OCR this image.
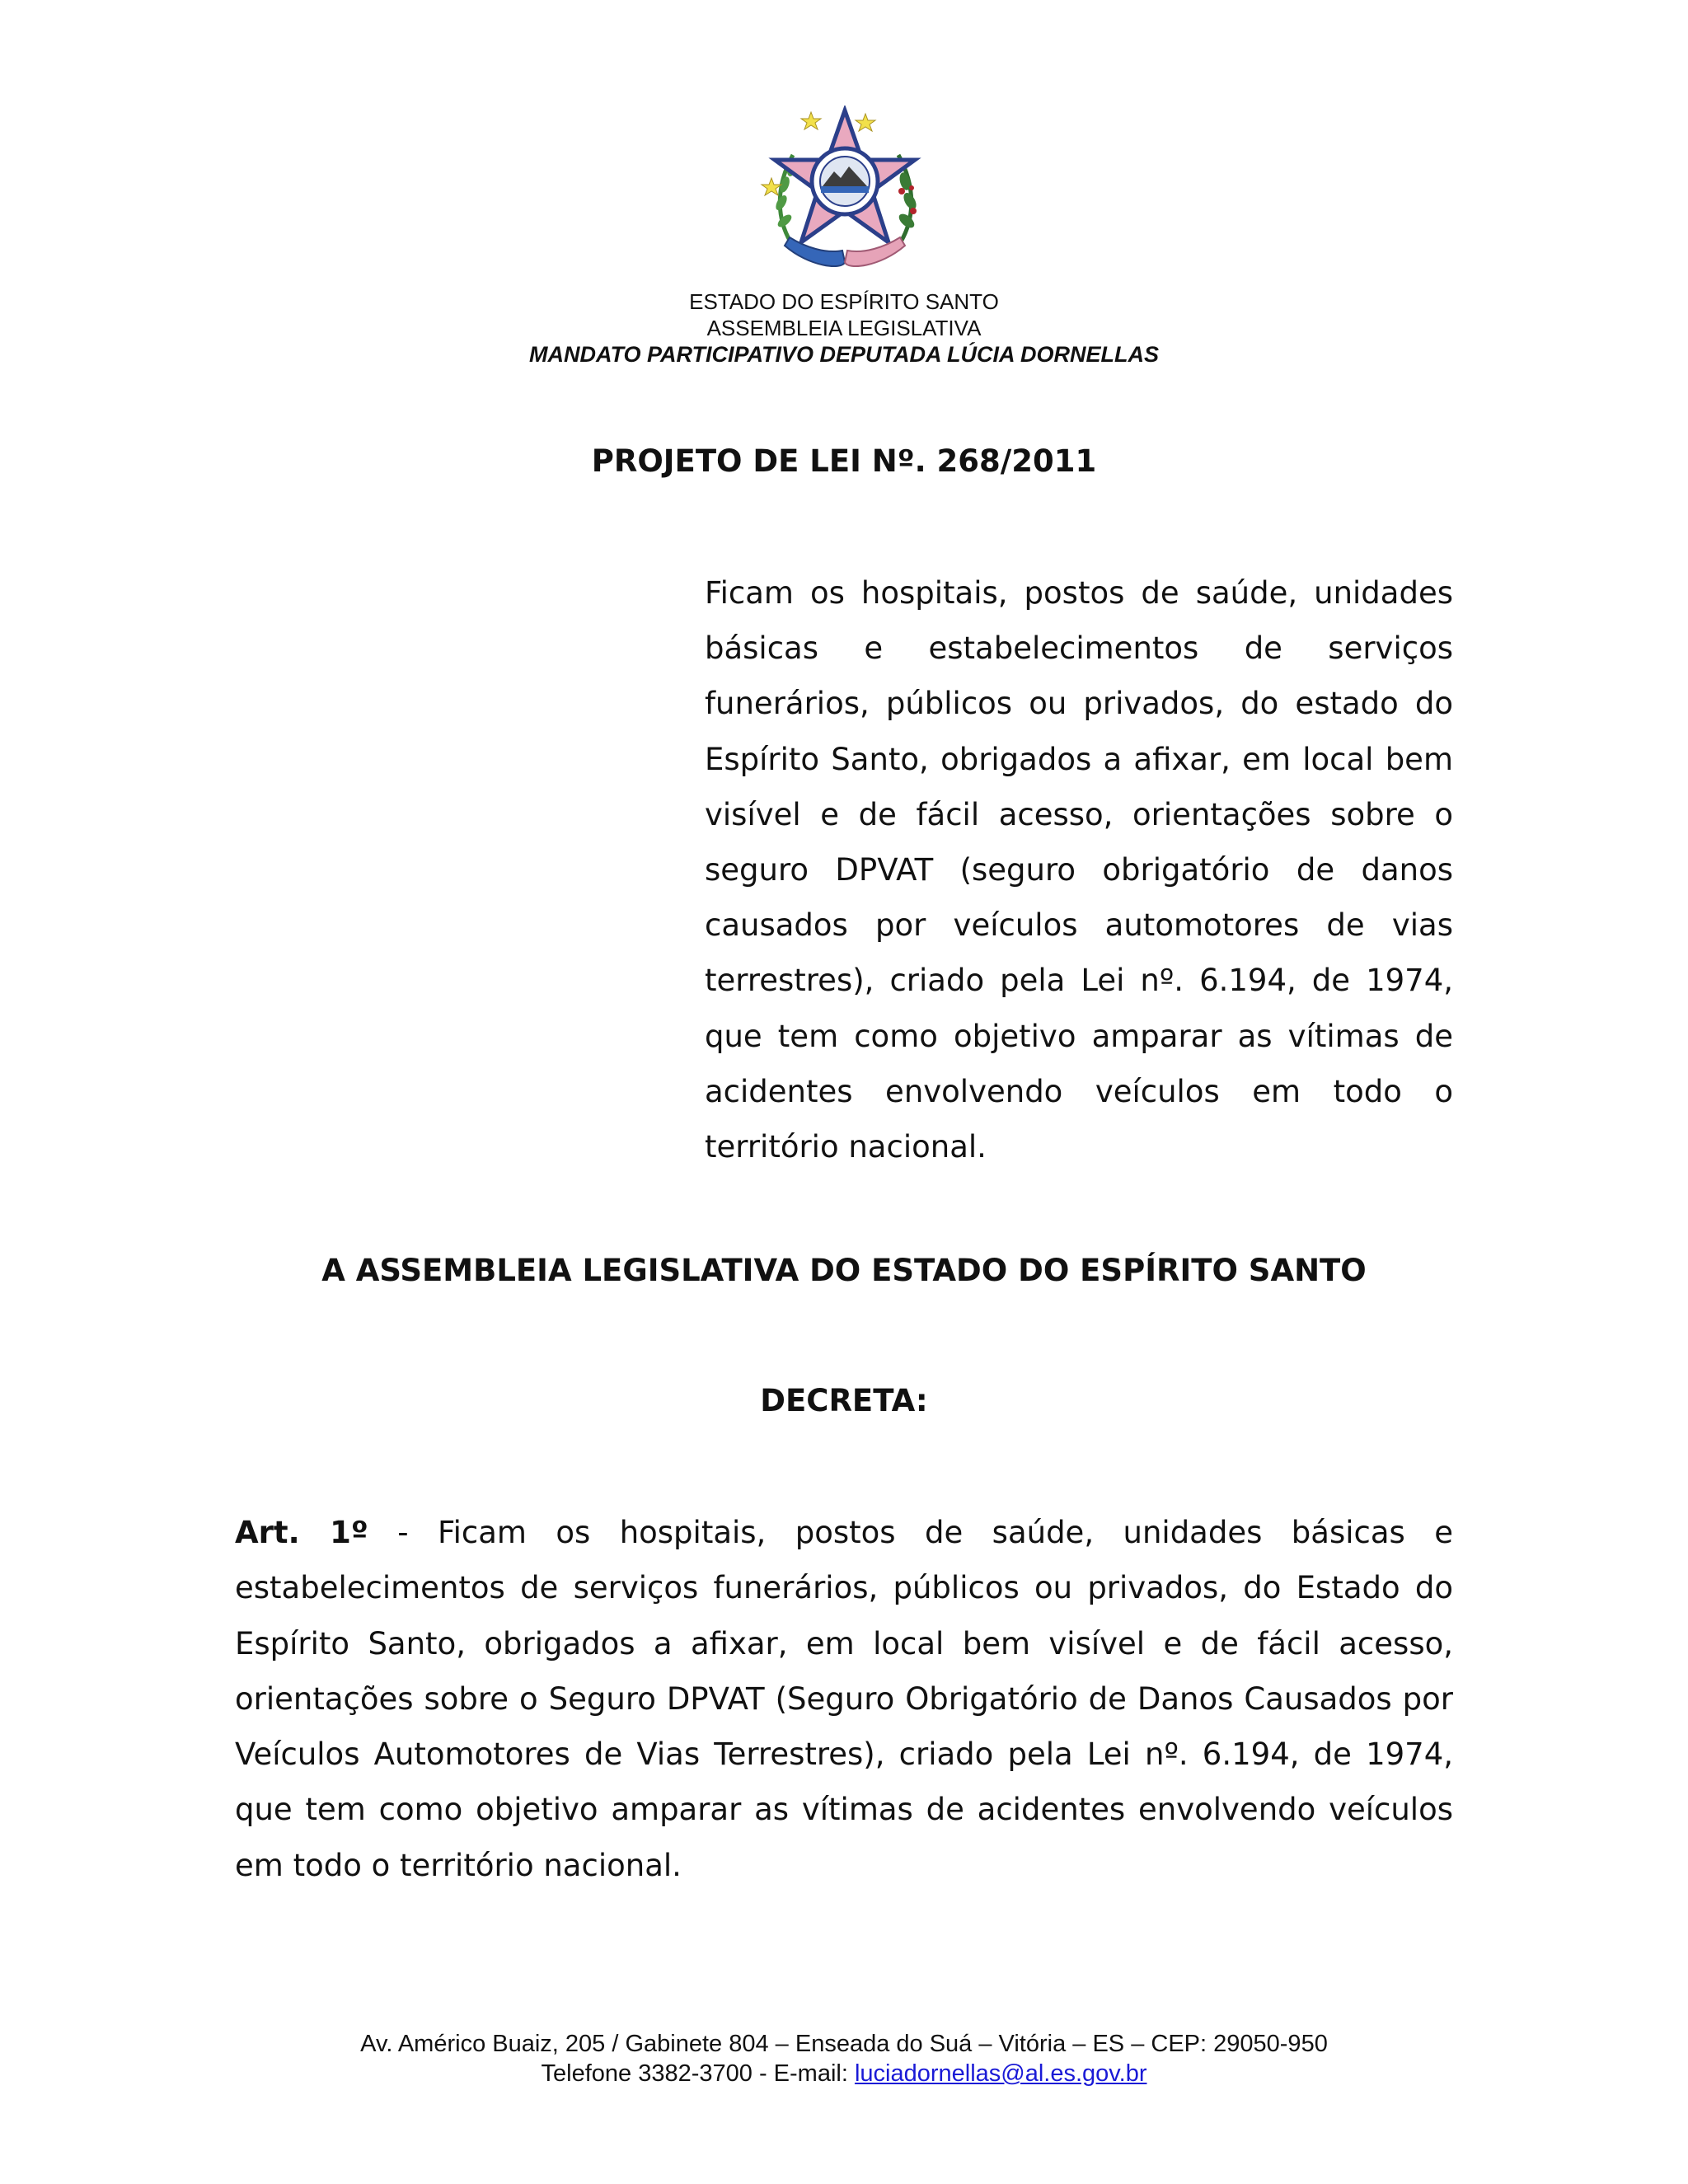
ESTADO DO ESPÍRITO SANTO
ASSEMBLEIA LEGISLATIVA
MANDATO PARTICIPATIVO DEPUTADA LÚCIA DORNELLAS
PROJETO DE LEI Nº. 268/2011
Ficam os hospitais, postos de saúde, unidades básicas e estabelecimentos de serviços funerários, públicos ou privados, do estado do Espírito Santo, obrigados a afixar, em local bem visível e de fácil acesso, orientações sobre o seguro DPVAT (seguro obrigatório de danos causados por veículos automotores de vias terrestres), criado pela Lei nº. 6.194, de 1974, que tem como objetivo amparar as vítimas de acidentes envolvendo veículos em todo o território nacional.
A ASSEMBLEIA LEGISLATIVA DO ESTADO DO ESPÍRITO SANTO
DECRETA:
Art. 1º - Ficam os hospitais, postos de saúde, unidades básicas e estabelecimentos de serviços funerários, públicos ou privados, do Estado do Espírito Santo, obrigados a afixar, em local bem visível e de fácil acesso, orientações sobre o Seguro DPVAT (Seguro Obrigatório de Danos Causados por Veículos Automotores de Vias Terrestres), criado pela Lei nº. 6.194, de 1974, que tem como objetivo amparar as vítimas de acidentes envolvendo veículos em todo o território nacional.
Av. Américo Buaiz, 205 / Gabinete 804 – Enseada do Suá – Vitória – ES – CEP: 29050-950
Telefone 3382-3700 - E-mail: luciadornellas@al.es.gov.br
